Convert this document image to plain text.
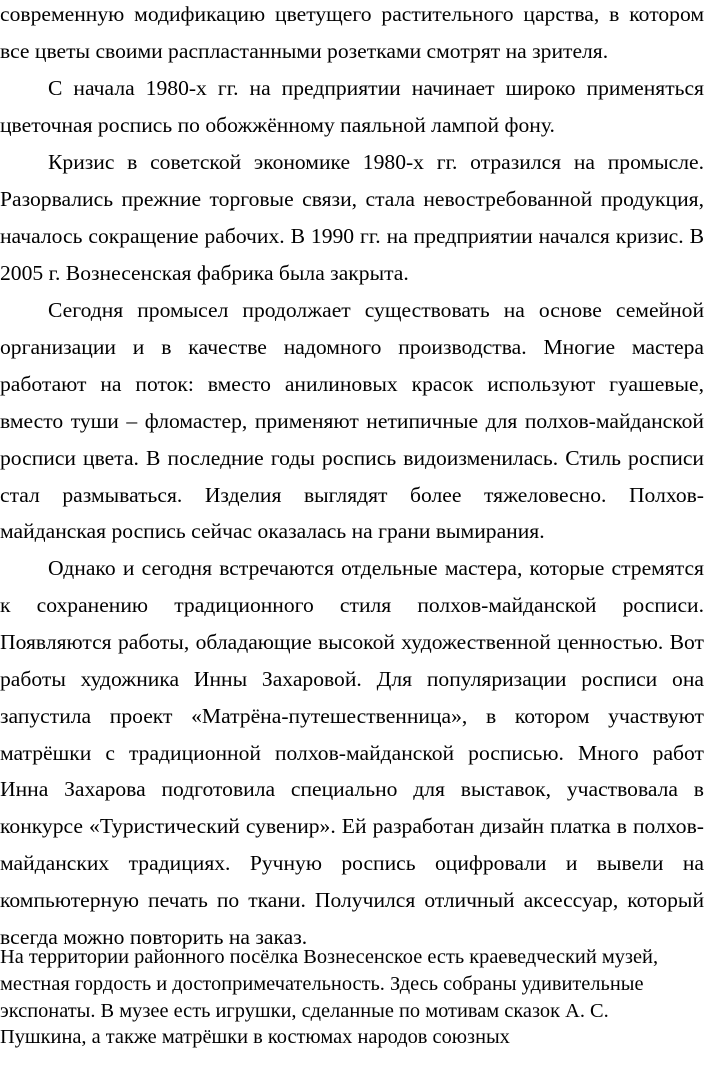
современную модификацию цветущего растительного царства, в котором все цветы своими распластанными розетками смотрят на зрителя.

С начала 1980-х гг. на предприятии начинает широко применяться цветочная роспись по обожжённому паяльной лампой фону.

Кризис в советской экономике 1980-х гг. отразился на промысле. Разорвались прежние торговые связи, стала невостребованной продукция, началось сокращение рабочих. В 1990 гг. на предприятии начался кризис. В 2005 г. Вознесенская фабрика была закрыта.

Сегодня промысел продолжает существовать на основе семейной организации и в качестве надомного производства. Многие мастера работают на поток: вместо анилиновых красок используют гуашевые, вместо туши – фломастер, применяют нетипичные для полхов-майданской росписи цвета. В последние годы роспись видоизменилась. Стиль росписи стал размываться. Изделия выглядят более тяжеловесно. Полхов-майданская роспись сейчас оказалась на грани вымирания.

Однако и сегодня встречаются отдельные мастера, которые стремятся к сохранению традиционного стиля полхов-майданской росписи. Появляются работы, обладающие высокой художественной ценностью. Вот работы художника Инны Захаровой. Для популяризации росписи она запустила проект «Матрёна-путешественница», в котором участвуют матрёшки с традиционной полхов-майданской росписью. Много работ Инна Захарова подготовила специально для выставок, участвовала в конкурсе «Туристический сувенир». Ей разработан дизайн платка в полхов-майданских традициях. Ручную роспись оцифровали и вывели на компьютерную печать по ткани. Получился отличный аксессуар, который всегда можно повторить на заказ.

На территории районного посёлка Вознесенское есть краеведческий музей, местная гордость и достопримечательность. Здесь собраны удивительные экспонаты. В музее есть игрушки, сделанные по мотивам сказок А. С. Пушкина, а также матрёшки в костюмах народов союзных
